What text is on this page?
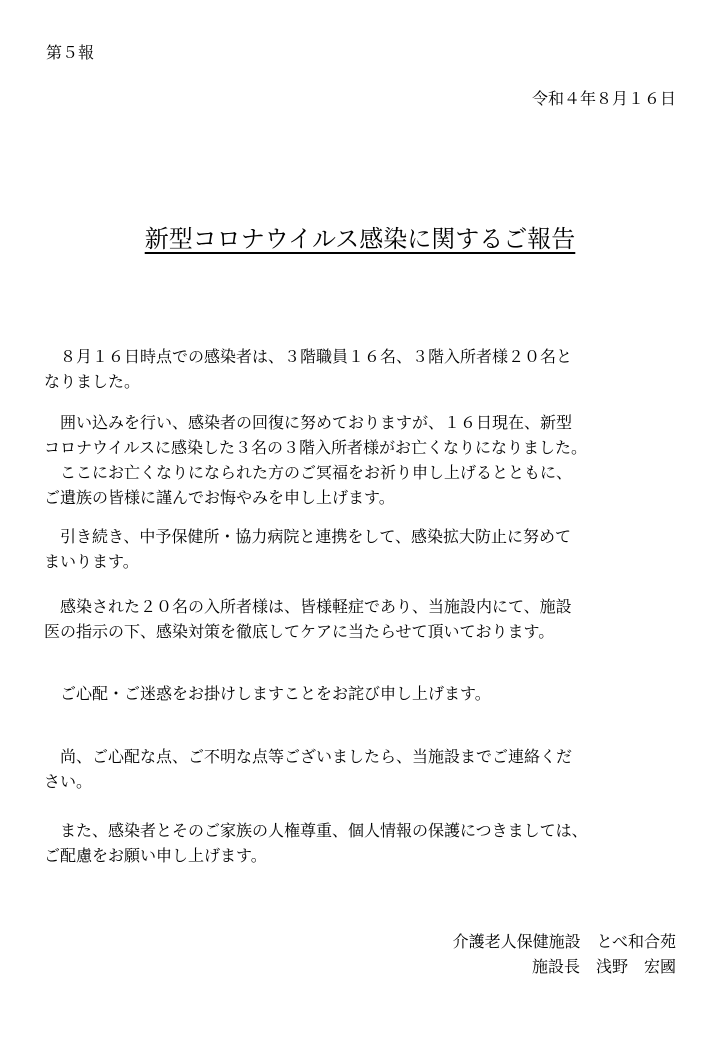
第５報
令和４年８月１６日
新型コロナウイルス感染に関するご報告

　８月１６日時点での感染者は、３階職員１６名、３階入所者様２０名と
なりました。

　囲い込みを行い、感染者の回復に努めておりますが、１６日現在、新型
コロナウイルスに感染した３名の３階入所者様がお亡くなりになりました。
　ここにお亡くなりになられた方のご冥福をお祈り申し上げるとともに、
ご遺族の皆様に謹んでお悔やみを申し上げます。

　引き続き、中予保健所・協力病院と連携をして、感染拡大防止に努めて
まいります。

　感染された２０名の入所者様は、皆様軽症であり、当施設内にて、施設
医の指示の下、感染対策を徹底してケアに当たらせて頂いております。

　ご心配・ご迷惑をお掛けしますことをお詫び申し上げます。

　尚、ご心配な点、ご不明な点等ございましたら、当施設までご連絡くだ
さい。

　また、感染者とそのご家族の人権尊重、個人情報の保護につきましては、
ご配慮をお願い申し上げます。

介護老人保健施設　とべ和合苑
施設長　浅野　宏國
